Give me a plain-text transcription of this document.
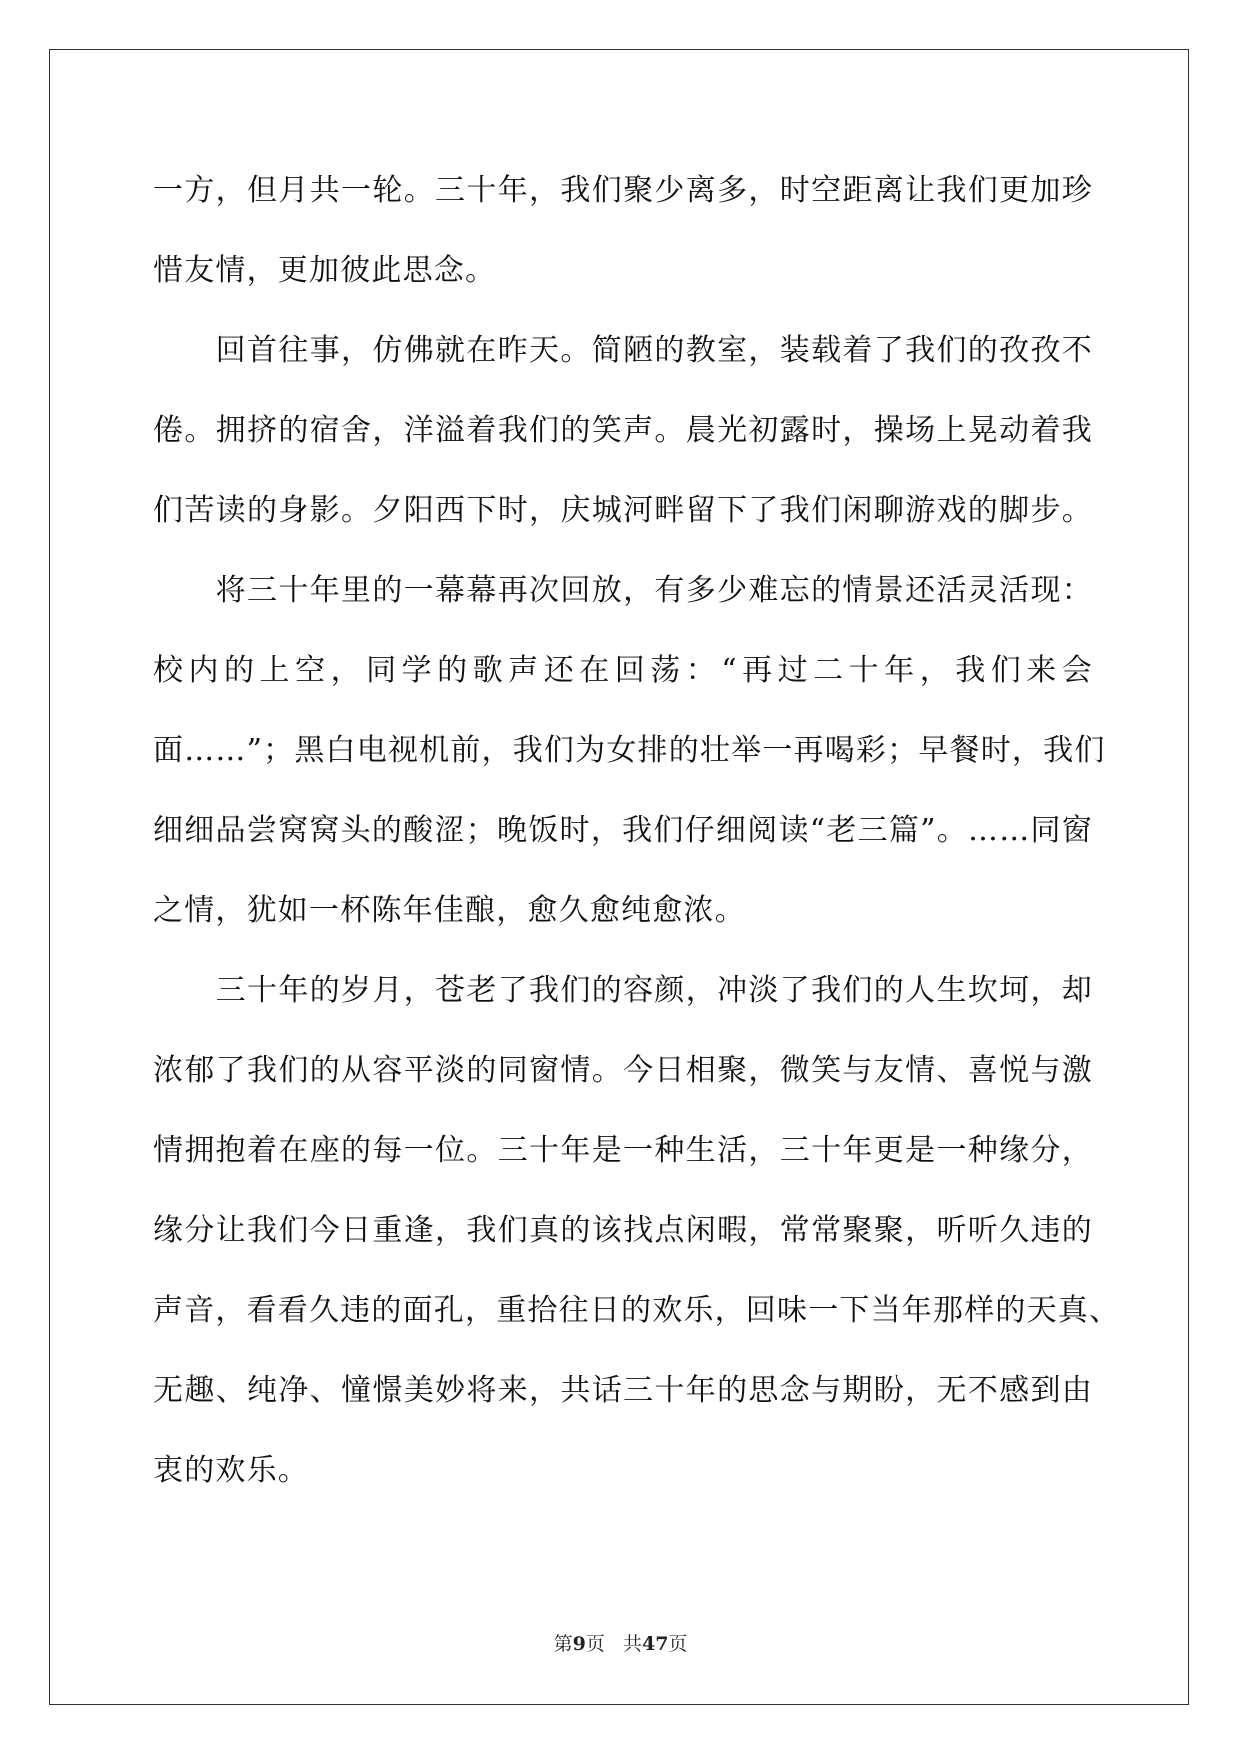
一方，但月共一轮。三十年，我们聚少离多，时空距离让我们更加珍
惜友情，更加彼此思念。
　　回首往事，仿佛就在昨天。简陋的教室，装载着了我们的孜孜不
倦。拥挤的宿舍，洋溢着我们的笑声。晨光初露时，操场上晃动着我
们苦读的身影。夕阳西下时，庆城河畔留下了我们闲聊游戏的脚步。
　　将三十年里的一幕幕再次回放，有多少难忘的情景还活灵活现：
校内的上空，同学的歌声还在回荡：“再过二十年，我们来会
面……”；黑白电视机前，我们为女排的壮举一再喝彩；早餐时，我们
细细品尝窝窝头的酸涩；晚饭时，我们仔细阅读“老三篇”。……同窗
之情，犹如一杯陈年佳酿，愈久愈纯愈浓。
　　三十年的岁月，苍老了我们的容颜，冲淡了我们的人生坎坷，却
浓郁了我们的从容平淡的同窗情。今日相聚，微笑与友情、喜悦与激
情拥抱着在座的每一位。三十年是一种生活，三十年更是一种缘分，
缘分让我们今日重逢，我们真的该找点闲暇，常常聚聚，听听久违的
声音，看看久违的面孔，重拾往日的欢乐，回味一下当年那样的天真、
无趣、纯净、憧憬美妙将来，共话三十年的思念与期盼，无不感到由
衷的欢乐。
第9页 共47页
